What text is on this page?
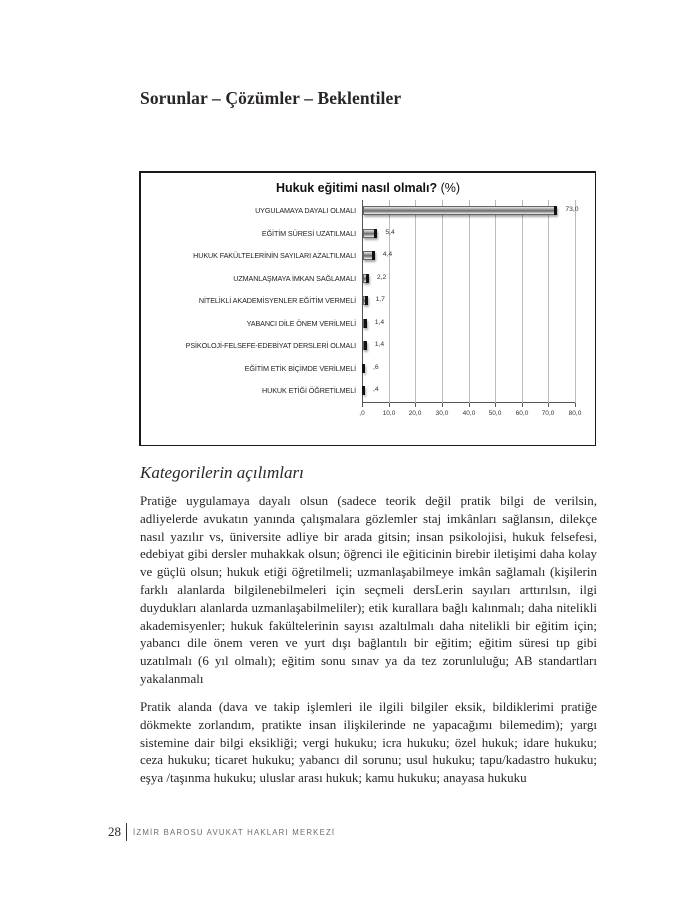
Sorunlar – Çözümler – Beklentiler
Hukuk eğitimi nasıl olmalı? (%)
,0	10,0	20,0	30,0	40,0	50,0	60,0	70,0	80,0
UYGULAMAYA DAYALI OLMALI	73,0
EĞİTİM SÜRESİ UZATILMALI	5,4
HUKUK FAKÜLTELERİNİN SAYILARI AZALTILMALI	4,4
UZMANLAŞMAYA İMKAN SAĞLAMALI	2,2
NİTELİKLİ AKADEMİSYENLER EĞİTİM VERMELİ	1,7
YABANCI DİLE ÖNEM VERİLMELİ	1,4
PSİKOLOJİ-FELSEFE-EDEBİYAT DERSLERİ OLMALI	1,4
EĞİTİM ETİK BİÇİMDE VERİLMELİ	,6
HUKUK ETİĞİ ÖĞRETİLMELİ	,4
Kategorilerin açılımları

Pratiğe uygulamaya dayalı olsun (sadece teorik değil pratik bilgi de verilsin, adliyelerde avukatın yanında çalışmalara gözlemler staj imkânları sağlansın, dilekçe nasıl yazılır vs, üniversite adliye bir arada gitsin; insan psikolojisi, hukuk felsefesi, edebiyat gibi dersler muhakkak olsun; öğrenci ile eğiticinin birebir iletişimi daha kolay ve güçlü olsun; hukuk etiği öğretilmeli; uzmanlaşabilmeye imkân sağlamalı (kişilerin farklı alanlarda bilgilenebilmeleri için seçmeli dersLerin sayıları arttırılsın, ilgi duydukları alanlarda uzmanlaşabilmeliler); etik kurallara bağlı kalınmalı; daha nitelikli akademisyenler; hukuk fakültelerinin sayısı azaltılmalı daha nitelikli bir eğitim için; yabancı dile önem veren ve yurt dışı bağlantılı bir eğitim; eğitim süresi tıp gibi uzatılmalı (6 yıl olmalı); eğitim sonu sınav ya da tez zorunluluğu; AB standartları yakalanmalı

Pratik alanda (dava ve takip işlemleri ile ilgili bilgiler eksik, bildiklerimi pratiğe dökmekte zorlandım, pratikte insan ilişkilerinde ne yapacağımı bilemedim); yargı sistemine dair bilgi eksikliği; vergi hukuku; icra hukuku; özel hukuk; idare hukuku; ceza hukuku; ticaret hukuku; yabancı dil sorunu; usul hukuku; tapu/kadastro hukuku; eşya /taşınma hukuku; uluslar arası hukuk; kamu hukuku; anayasa hukuku

28	İZMİR BAROSU AVUKAT HAKLARI MERKEZİ
